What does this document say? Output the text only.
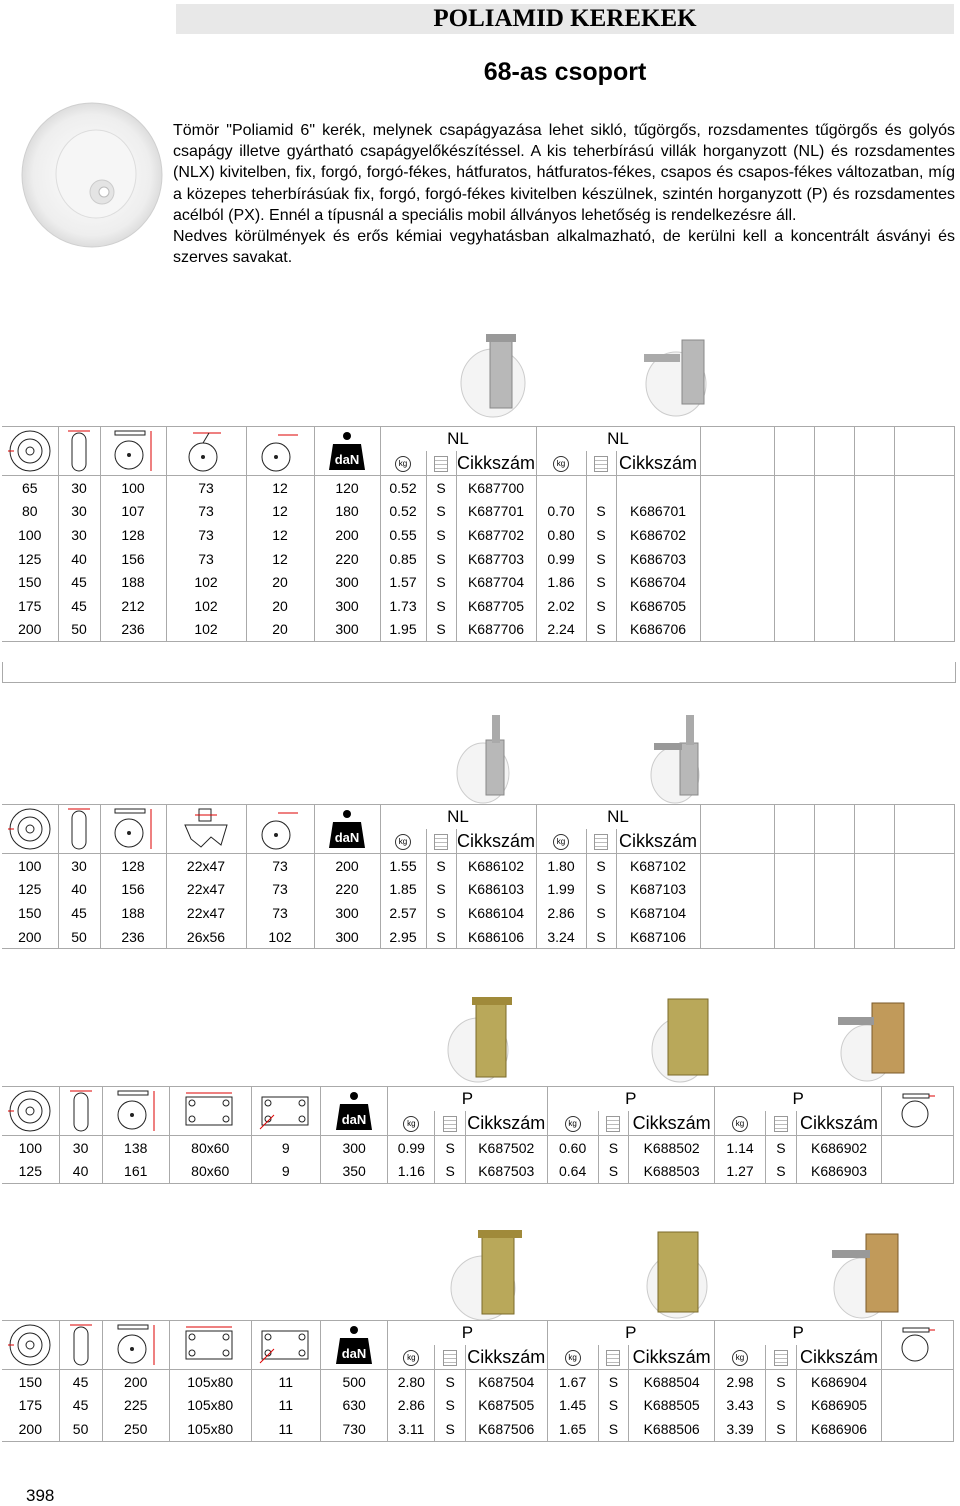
POLIAMID KEREKEK
68-as csoport

Tömör "Poliamid 6" kerék, melynek csapágyazása lehet sikló, tűgörgős, rozsdamentes tűgörgős és golyós csapágy illetve gyártható csapágyelőkészítéssel. A kis teherbírású villák horganyzott (NL) és rozsdamentes (NLX) kivitelben, fix, forgó, forgó-fékes, hátfuratos, hátfuratos-fékes, csapos és csapos-fékes változatban, míg a közepes teherbírásúak fix, forgó, forgó-fékes kivitelben készülnek, szintén horganyzott (P) és rozsdamentes acélból (PX). Ennél a típusnál a speciális mobil állványos lehetőség is rendelkezésre áll.

Nedves körülmények és erős kémiai vegyhatásban alkalmazható, de kerülni kell a koncentrált ásványi és szerves savakat.

daN	NL			NL							
						kg		Cikkszám	kg		Cikkszám					
65	30	100	73	12	120	0.52	S	K687700								
80	30	107	73	12	180	0.52	S	K687701	0.70	S	K686701					
100	30	128	73	12	200	0.55	S	K687702	0.80	S	K686702					
125	40	156	73	12	220	0.85	S	K687703	0.99	S	K686703					
150	45	188	102	20	300	1.57	S	K687704	1.86	S	K686704					
175	45	212	102	20	300	1.73	S	K687705	2.02	S	K686705					
200	50	236	102	20	300	1.95	S	K687706	2.24	S	K686706					

daN	NL			NL							
						kg		Cikkszám	kg		Cikkszám					
100	30	128	22x47	73	200	1.55	S	K686102	1.80	S	K687102					
125	40	156	22x47	73	220	1.85	S	K686103	1.99	S	K687103					
150	45	188	22x47	73	300	2.57	S	K686104	2.86	S	K687104					
200	50	236	26x56	102	300	2.95	S	K686106	3.24	S	K687106					

daN	P			P			P		
						kg		Cikkszám	kg		Cikkszám	kg		Cikkszám	
100	30	138	80x60	9	300	0.99	S	K687502	0.60	S	K688502	1.14	S	K686902		
125	40	161	80x60	9	350	1.16	S	K687503	0.64	S	K688503	1.27	S	K686903		

daN	P			P			P		
						kg		Cikkszám	kg		Cikkszám	kg		Cikkszám	
150	45	200	105x80	11	500	2.80	S	K687504	1.67	S	K688504	2.98	S	K686904		
175	45	225	105x80	11	630	2.86	S	K687505	1.45	S	K688505	3.43	S	K686905		
200	50	250	105x80	11	730	3.11	S	K687506	1.65	S	K688506	3.39	S	K686906		
398
